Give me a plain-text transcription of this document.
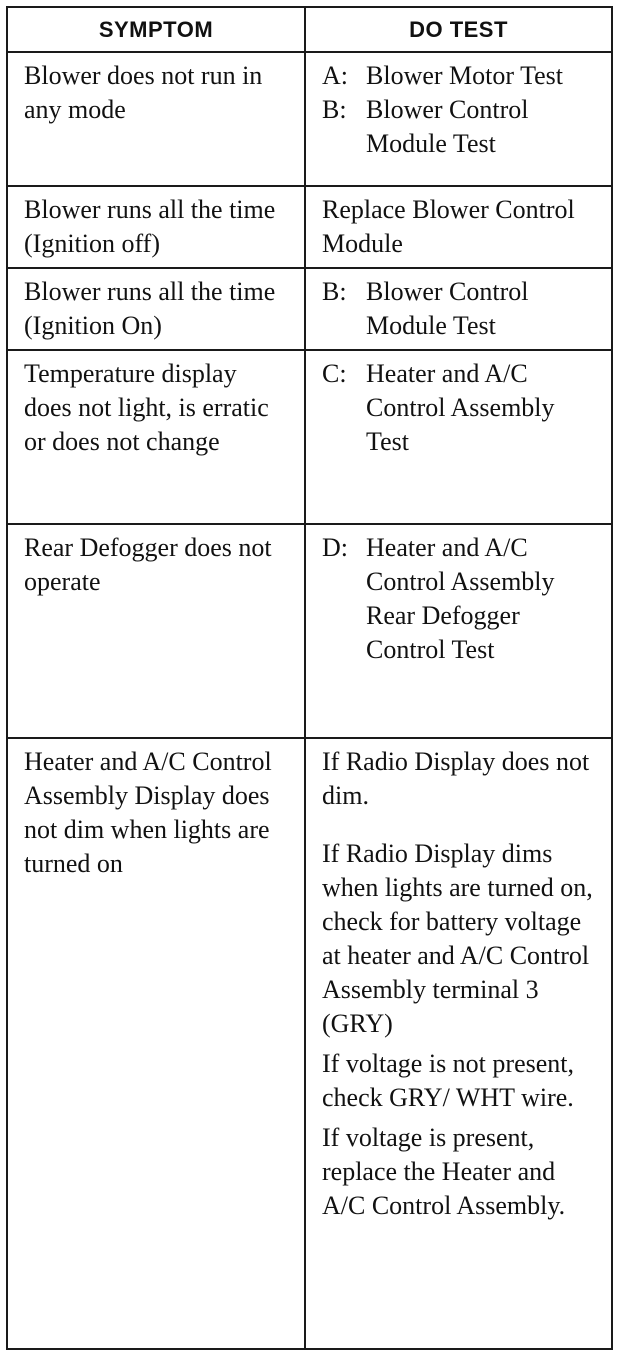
SYMPTOM	DO TEST

Blower does not run in any mode	A: Blower Motor Test
B: Blower Control Module Test

Blower runs all the time (Ignition off)	Replace Blower Control Module

Blower runs all the time (Ignition On)	B: Blower Control Module Test

Temperature display does not light, is erratic or does not change	C: Heater and A/C Control Assembly Test

Rear Defogger does not operate	D: Heater and A/C Control Assembly Rear Defogger Control Test

Heater and A/C Control Assembly Display does not dim when lights are turned on	If Radio Display does not dim.
If Radio Display dims when lights are turned on, check for battery voltage at heater and A/C Control Assembly terminal 3 (GRY)
If voltage is not present, check GRY/ WHT wire.
If voltage is present, replace the Heater and A/C Control Assembly.
